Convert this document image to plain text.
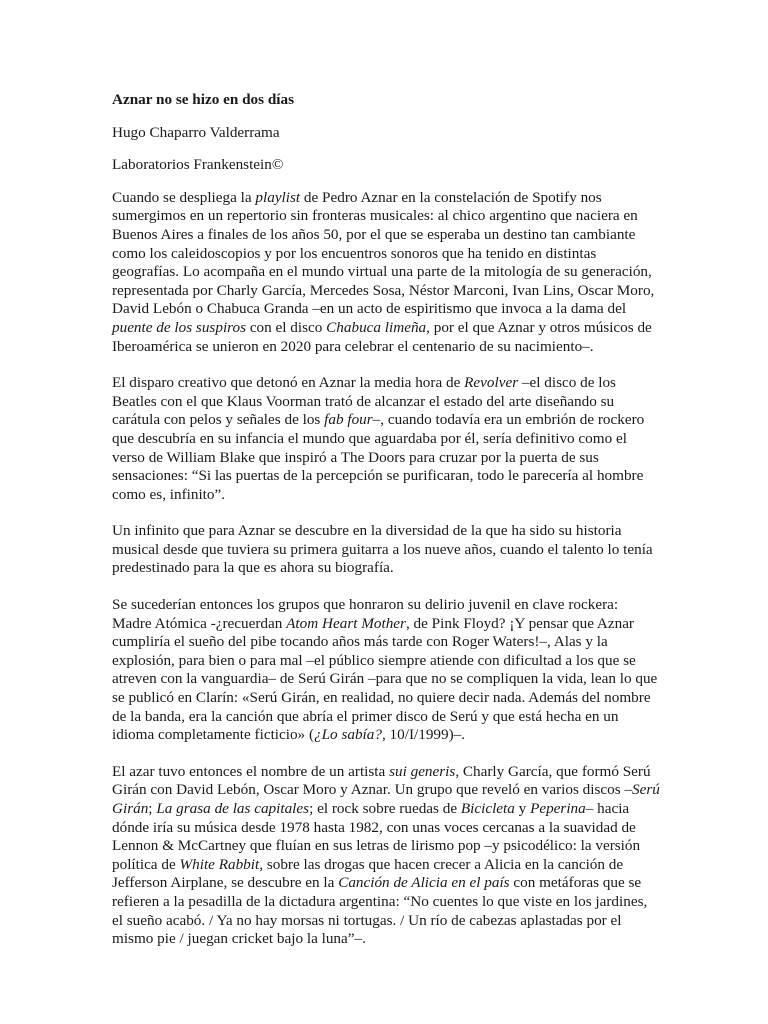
Aznar no se hizo en dos días

Hugo Chaparro Valderrama

Laboratorios Frankenstein©

Cuando se despliega la playlist de Pedro Aznar en la constelación de Spotify nos sumergimos en un repertorio sin fronteras musicales: al chico argentino que naciera en Buenos Aires a finales de los años 50, por el que se esperaba un destino tan cambiante como los caleidoscopios y por los encuentros sonoros que ha tenido en distintas geografías. Lo acompaña en el mundo virtual una parte de la mitología de su generación, representada por Charly García, Mercedes Sosa, Néstor Marconi, Ivan Lins, Oscar Moro, David Lebón o Chabuca Granda –en un acto de espiritismo que invoca a la dama del puente de los suspiros con el disco Chabuca limeña, por el que Aznar y otros músicos de Iberoamérica se unieron en 2020 para celebrar el centenario de su nacimiento–.

El disparo creativo que detonó en Aznar la media hora de Revolver –el disco de los Beatles con el que Klaus Voorman trató de alcanzar el estado del arte diseñando su carátula con pelos y señales de los fab four–, cuando todavía era un embrión de rockero que descubría en su infancia el mundo que aguardaba por él, sería definitivo como el verso de William Blake que inspiró a The Doors para cruzar por la puerta de sus sensaciones: “Si las puertas de la percepción se purificaran, todo le parecería al hombre como es, infinito”.

Un infinito que para Aznar se descubre en la diversidad de la que ha sido su historia musical desde que tuviera su primera guitarra a los nueve años, cuando el talento lo tenía predestinado para la que es ahora su biografía.

Se sucederían entonces los grupos que honraron su delirio juvenil en clave rockera: Madre Atómica -¿recuerdan Atom Heart Mother, de Pink Floyd? ¡Y pensar que Aznar cumpliría el sueño del pibe tocando años más tarde con Roger Waters!–, Alas y la explosión, para bien o para mal –el público siempre atiende con dificultad a los que se atreven con la vanguardia– de Serú Girán –para que no se compliquen la vida, lean lo que se publicó en Clarín: «Serú Girán, en realidad, no quiere decir nada. Además del nombre de la banda, era la canción que abría el primer disco de Serú y que está hecha en un idioma completamente ficticio» (¿Lo sabía?, 10/I/1999)–.

El azar tuvo entonces el nombre de un artista sui generis, Charly García, que formó Serú Girán con David Lebón, Oscar Moro y Aznar. Un grupo que reveló en varios discos –Serú Girán; La grasa de las capitales; el rock sobre ruedas de Bicicleta y Peperina– hacia dónde iría su música desde 1978 hasta 1982, con unas voces cercanas a la suavidad de Lennon & McCartney que fluían en sus letras de lirismo pop –y psicodélico: la versión política de White Rabbit, sobre las drogas que hacen crecer a Alicia en la canción de Jefferson Airplane, se descubre en la Canción de Alicia en el país con metáforas que se refieren a la pesadilla de la dictadura argentina: “No cuentes lo que viste en los jardines, el sueño acabó. / Ya no hay morsas ni tortugas. / Un río de cabezas aplastadas por el mismo pie / juegan cricket bajo la luna”–.
